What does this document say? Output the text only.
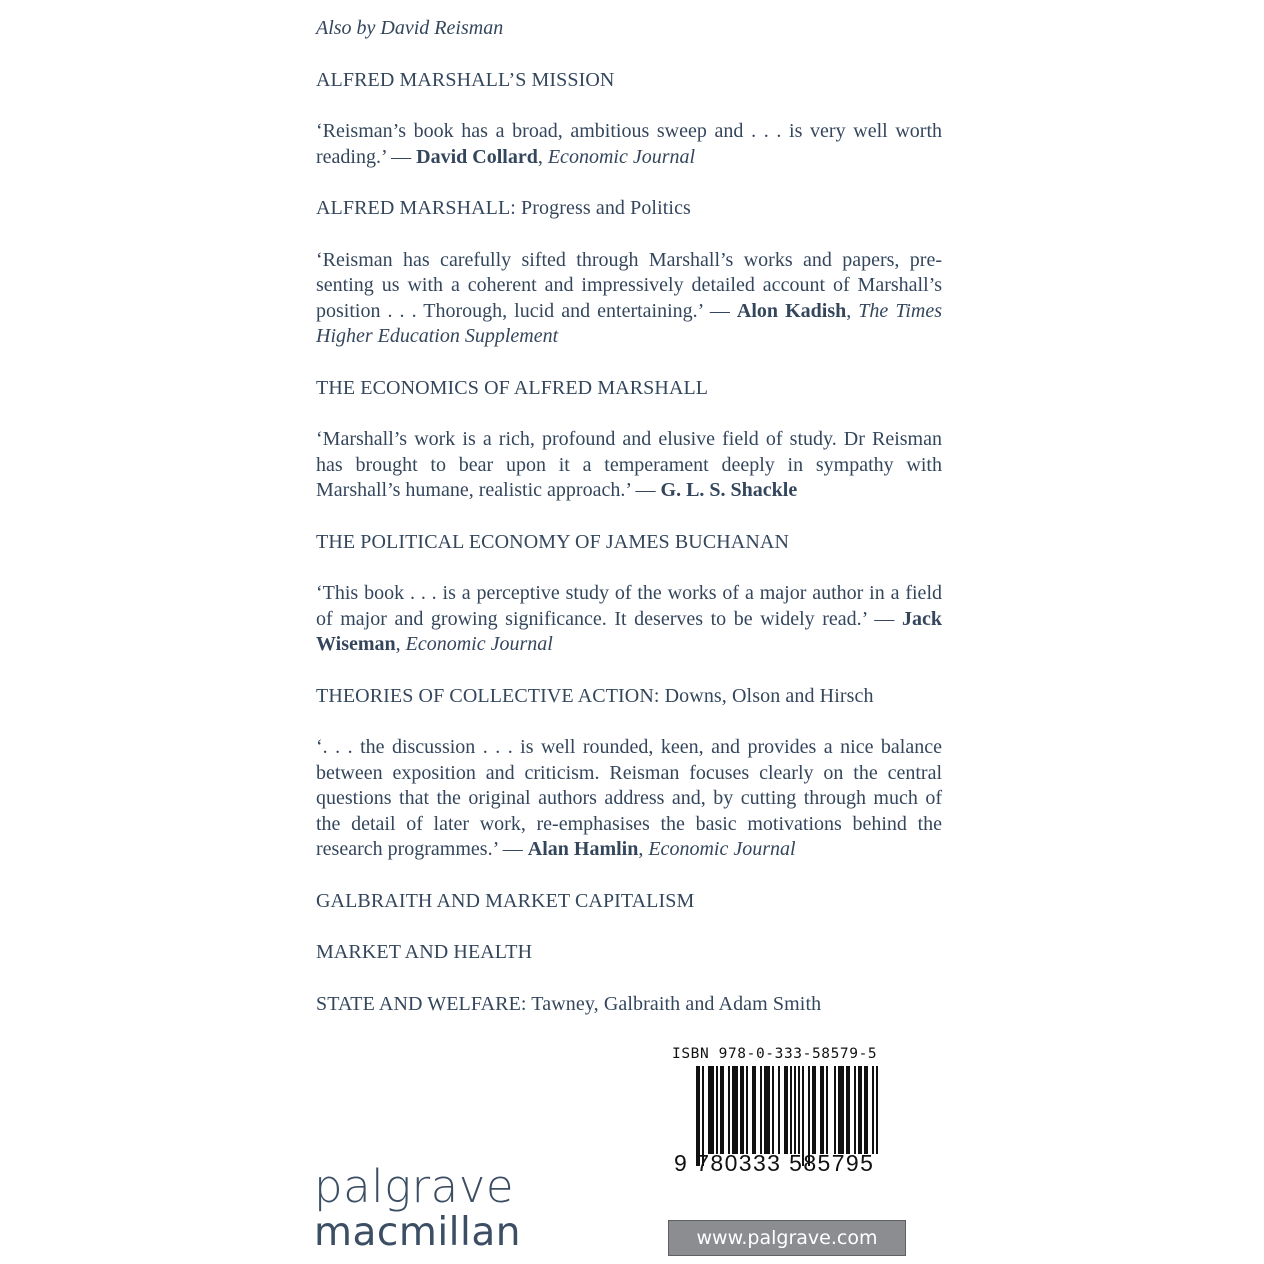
Also by David Reisman

ALFRED MARSHALL’S MISSION

‘Reisman’s book has a broad, ambitious sweep and . . . is very well worth reading.’ — David Collard, Economic Journal

ALFRED MARSHALL: Progress and Politics

‘Reisman has carefully sifted through Marshall’s works and papers, pre- senting us with a coherent and impressively detailed account of Marshall’s position . . . Thorough, lucid and entertaining.’ — Alon Kadish, The Times Higher Education Supplement

THE ECONOMICS OF ALFRED MARSHALL

‘Marshall’s work is a rich, profound and elusive field of study. Dr Reisman has brought to bear upon it a temperament deeply in sympathy with Marshall’s humane, realistic approach.’ — G. L. S. Shackle

THE POLITICAL ECONOMY OF JAMES BUCHANAN

‘This book . . . is a perceptive study of the works of a major author in a field of major and growing significance. It deserves to be widely read.’ — Jack Wiseman, Economic Journal

THEORIES OF COLLECTIVE ACTION: Downs, Olson and Hirsch

‘. . . the discussion . . . is well rounded, keen, and provides a nice balance between exposition and criticism. Reisman focuses clearly on the central questions that the original authors address and, by cutting through much of the detail of later work, re-emphasises the basic motivations behind the research programmes.’ — Alan Hamlin, Economic Journal

GALBRAITH AND MARKET CAPITALISM

MARKET AND HEALTH

STATE AND WELFARE: Tawney, Galbraith and Adam Smith

ISBN 978-0-333-58579-5
9 780333 585795
palgrave
macmillan	www.palgrave.com
